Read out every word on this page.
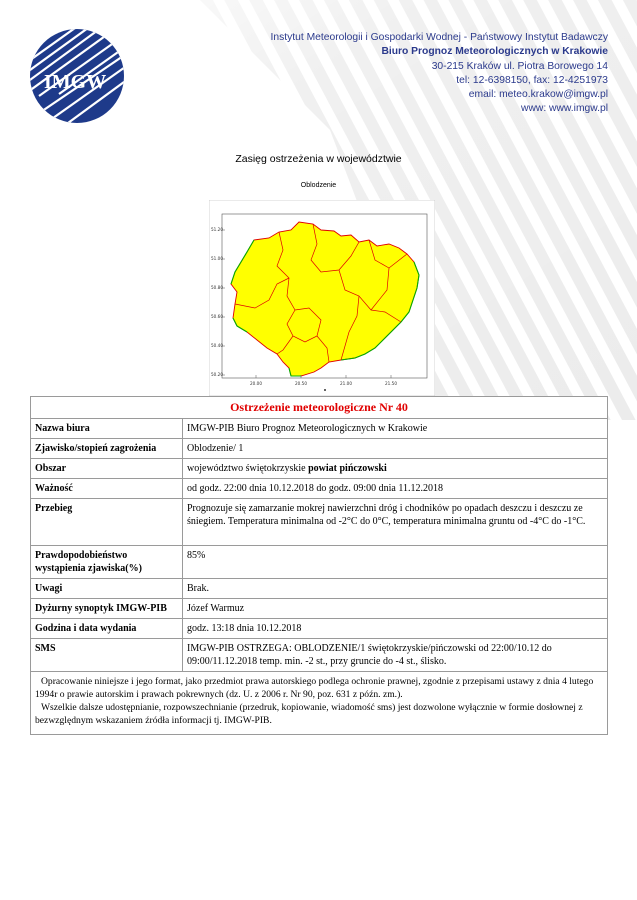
IMGW
Instytut Meteorologii i Gospodarki Wodnej - Państwowy Instytut Badawczy
Biuro Prognoz Meteorologicznych w Krakowie
30-215 Kraków ul. Piotra Borowego 14
tel: 12-6398150, fax: 12-4251973
email: meteo.krakow@imgw.pl
www: www.imgw.pl
Zasięg ostrzeżenia w województwie
Oblodzenie
51.20
51.00
50.80
50.60
50.40
50.20
20.00	20.50	21.00	21.50
Ostrzeżenie meteorologiczne Nr 40	
Nazwa biura	IMGW-PIB Biuro Prognoz Meteorologicznych w Krakowie
Zjawisko/stopień zagrożenia	Oblodzenie/ 1
Obszar	województwo świętokrzyskie powiat pińczowski
Ważność	od godz. 22:00 dnia 10.12.2018 do godz. 09:00 dnia 11.12.2018
Przebieg	Prognozuje się zamarzanie mokrej nawierzchni dróg i chodników po opadach deszczu i deszczu ze śniegiem. Temperatura minimalna od -2°C do 0°C, temperatura minimalna gruntu od -4°C do -1°C.
Prawdopodobieństwo wystąpienia zjawiska(%)	85%
Uwagi	Brak.
Dyżurny synoptyk IMGW-PIB	Józef Warmuz
Godzina i data wydania	godz. 13:18 dnia 10.12.2018
SMS	IMGW-PIB OSTRZEGA: OBLODZENIE/1 świętokrzyskie/pińczowski od 22:00/10.12 do 09:00/11.12.2018 temp. min. -2 st., przy gruncie do -4 st., ślisko.

Opracowanie niniejsze i jego format, jako przedmiot prawa autorskiego podlega ochronie prawnej, zgodnie z przepisami ustawy z dnia 4 lutego 1994r o prawie autorskim i prawach pokrewnych (dz. U. z 2006 r. Nr 90, poz. 631 z późn. zm.).
Wszelkie dalsze udostępnianie, rozpowszechnianie (przedruk, kopiowanie, wiadomość sms) jest dozwolone wyłącznie w formie dosłownej z bezwzględnym wskazaniem źródła informacji tj. IMGW-PIB.	
